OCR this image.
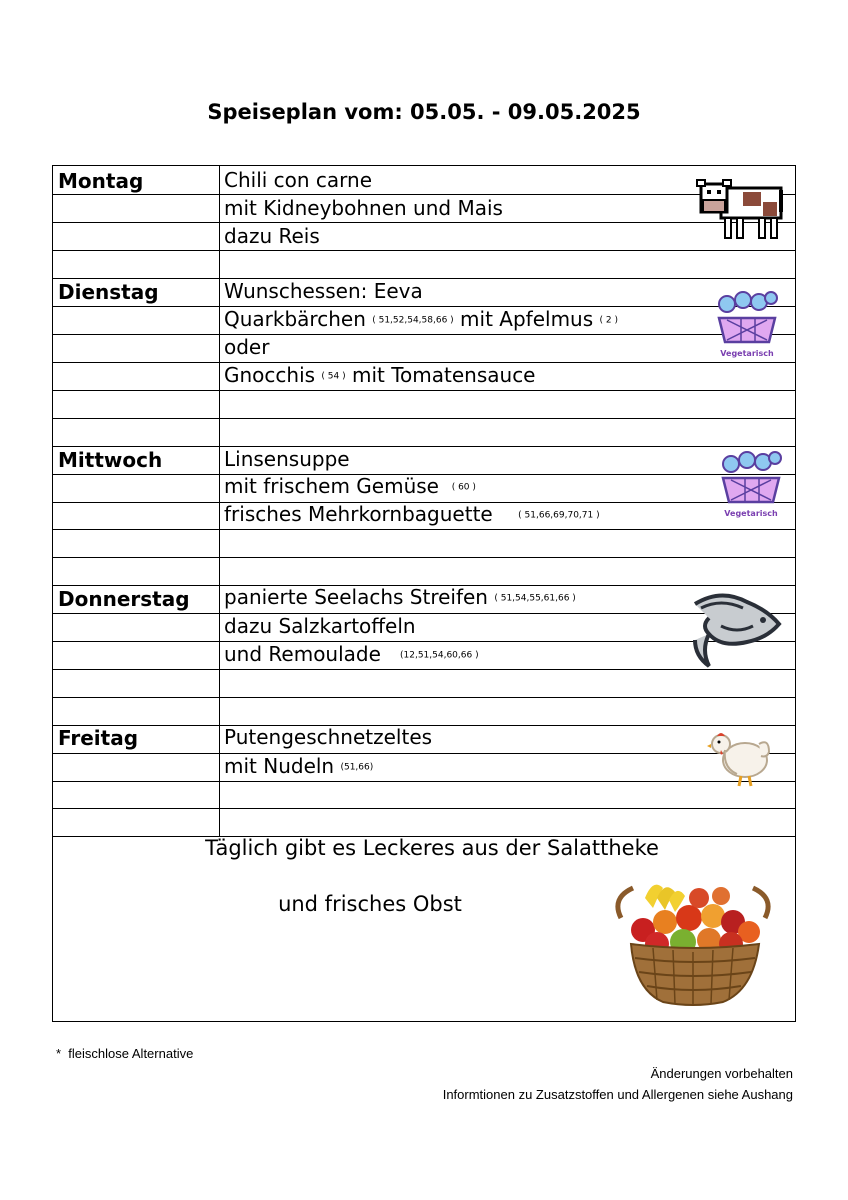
Speiseplan vom: 05.05. - 09.05.2025
Montag	Chili con carne
mit Kidneybohnen und Mais
dazu Reis
Dienstag	Wunschessen: Eeva
Quarkbärchen ( 51,52,54,58,66 ) mit Apfelmus ( 2 )
oder
Gnocchis ( 54 ) mit Tomatensauce
Mittwoch	Linsensuppe
mit frischem Gemüse ( 60 )
frisches Mehrkornbaguette	( 51,66,69,70,71 )
Donnerstag panierte Seelachs Streifen ( 51,54,55,61,66 )
dazu Salzkartoffeln
und Remoulade (12,51,54,60,66 )
Freitag	Putengeschnetzeltes
mit Nudeln (51,66)
Täglich gibt es Leckeres aus der Salattheke
und frisches Obst
Vegetarisch
Vegetarisch
* fleischlose Alternative
Änderungen vorbehalten
Informtionen zu Zusatzstoffen und Allergenen siehe Aushang
